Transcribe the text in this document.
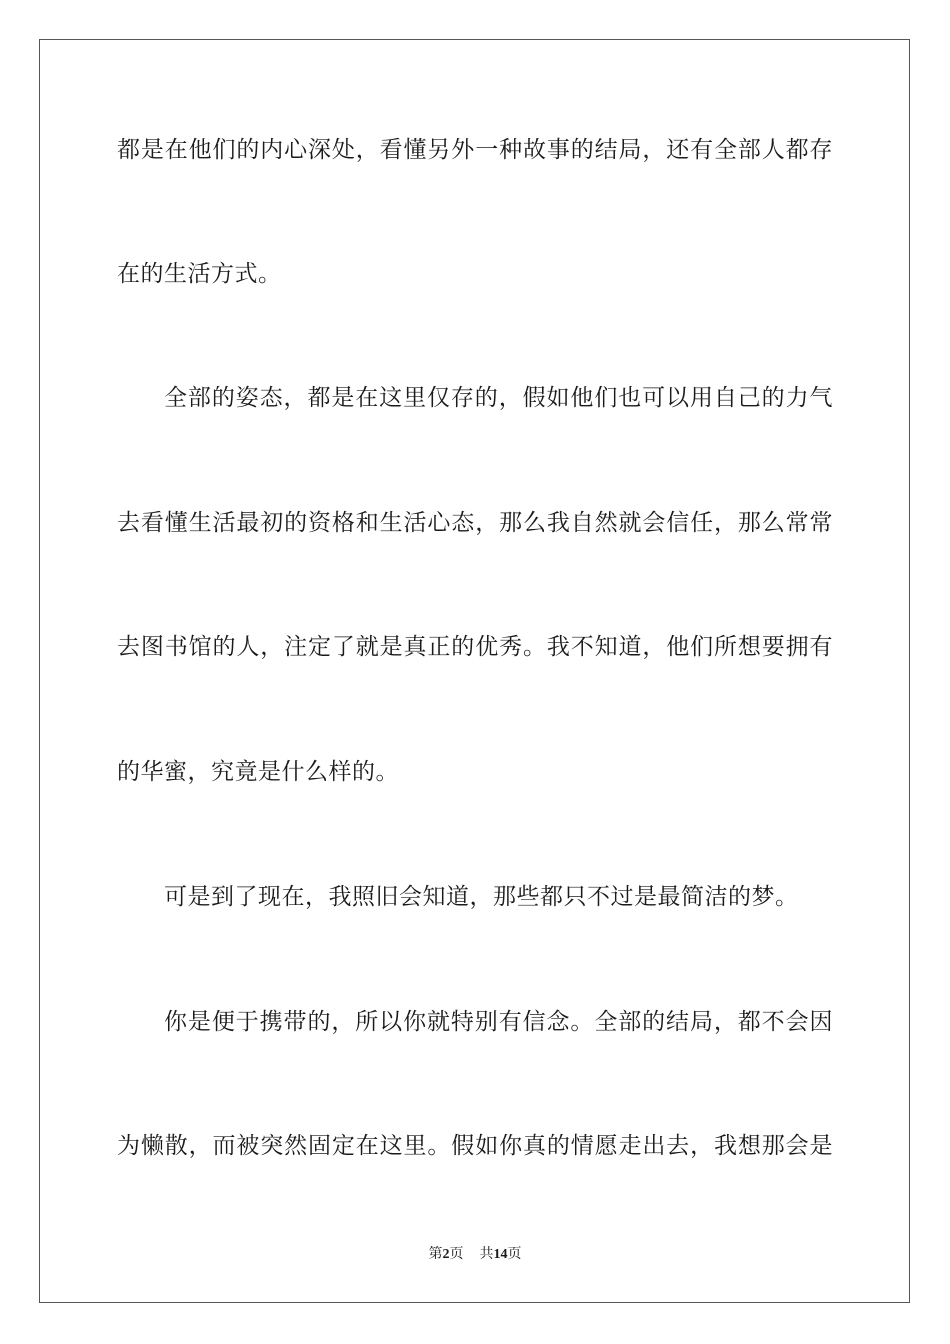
都是在他们的内心深处，看懂另外一种故事的结局，还有全部人都存
在的生活方式。
全部的姿态，都是在这里仅存的，假如他们也可以用自己的力气
去看懂生活最初的资格和生活心态，那么我自然就会信任，那么常常
去图书馆的人，注定了就是真正的优秀。我不知道，他们所想要拥有
的华蜜，究竟是什么样的。
可是到了现在，我照旧会知道，那些都只不过是最简洁的梦。
你是便于携带的，所以你就特别有信念。全部的结局，都不会因
为懒散，而被突然固定在这里。假如你真的情愿走出去，我想那会是
第2页 共14页
